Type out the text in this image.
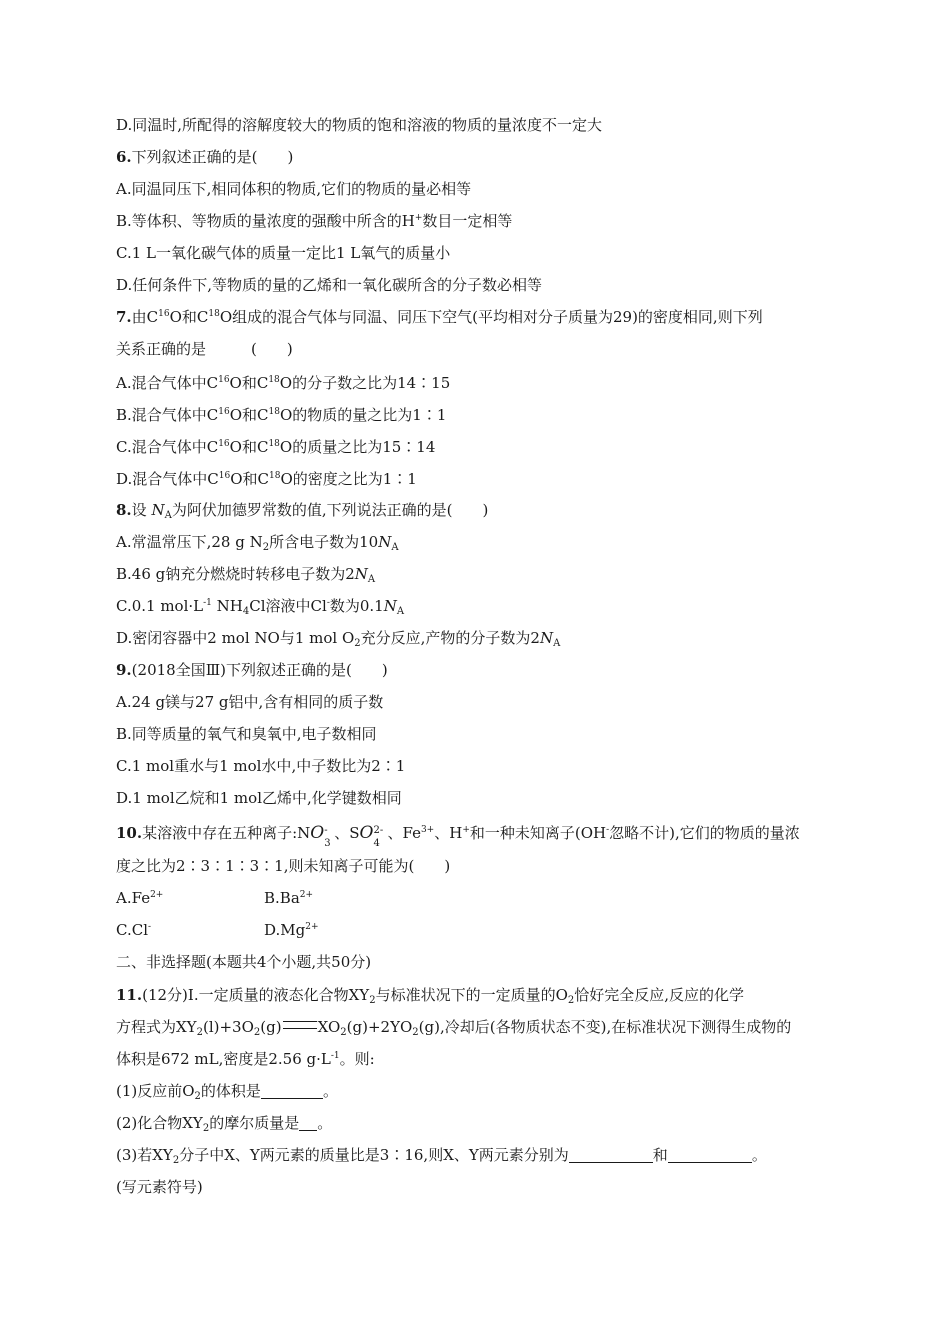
D.同温时,所配得的溶解度较大的物质的饱和溶液的物质的量浓度不一定大
6.下列叙述正确的是(　　)
A.同温同压下,相同体积的物质,它们的物质的量必相等
B.等体积、等物质的量浓度的强酸中所含的H+数目一定相等
C.1 L一氧化碳气体的质量一定比1 L氧气的质量小
D.任何条件下,等物质的量的乙烯和一氧化碳所含的分子数必相等
7.由$C^{16}O$和$C^{18}O$组成的混合气体与同温、同压下空气(平均相对分子质量为29)的密度相同,则下列
关系正确的是　　　(　　)
A.混合气体中$C^{16}O$和$C^{18}O$的分子数之比为14∶15
B.混合气体中$C^{16}O$和$C^{18}O$的物质的量之比为1∶1
C.混合气体中$C^{16}O$和$C^{18}O$的质量之比为15∶14
D.混合气体中$C^{16}O$和$C^{18}O$的密度之比为1∶1
8.设 $N_A$为阿伏加德罗常数的值,下列说法正确的是(　　)
A.常温常压下,28 g $N_2$所含电子数为$10N_A$
B.46 g钠充分燃烧时转移电子数为$2N_A$
C.0.1 $mol\cdot L^{-1}$ $NH_4Cl$溶液中Cl-数为$0.1N_A$
D.密闭容器中2 mol NO与1 mol $O_2$充分反应,产物的分子数为$2N_A$
9.(2018全国Ⅲ)下列叙述正确的是(　　)
A.24 g镁与27 g铝中,含有相同的质子数
B.同等质量的氧气和臭氧中,电子数相同
C.1 mol重水与1 mol水中,中子数比为2∶1
D.1 mol乙烷和1 mol乙烯中,化学键数相同
10.某溶液中存在五种离子:NO -
3
、SO 2-
4
、$Fe^{3+}$、H+和一种未知离子(OH-忽略不计),它们的物质的量浓
度之比为2∶3∶1∶3∶1,则未知离子可能为(　　)
$A.Fe^{2+}$	$B.Ba^{2+}$
C.Cl-	$D.Mg^{2+}$
二、非选择题(本题共4个小题,共50分)
11.(12分)Ⅰ.一定质量的液态化合物$XY_2$与标准状况下的一定质量的$O_2$恰好完全反应,反应的化学
方程式为$XY_2(l)+3O_2(g)$ $XO_2(g)+2YO_2(g)$,冷却后(各物质状态不变),在标准状况下测得生成物的
体积是672 mL,密度是2.56 $g\cdot L^{-1}$。则:
(1)反应前$O_2$的体积是	。
(2)化合物$XY_2$的摩尔质量是 。
(3)若$XY_2$分子中X、Y两元素的质量比是3∶16,则X、Y两元素分别为	和	。
(写元素符号)
